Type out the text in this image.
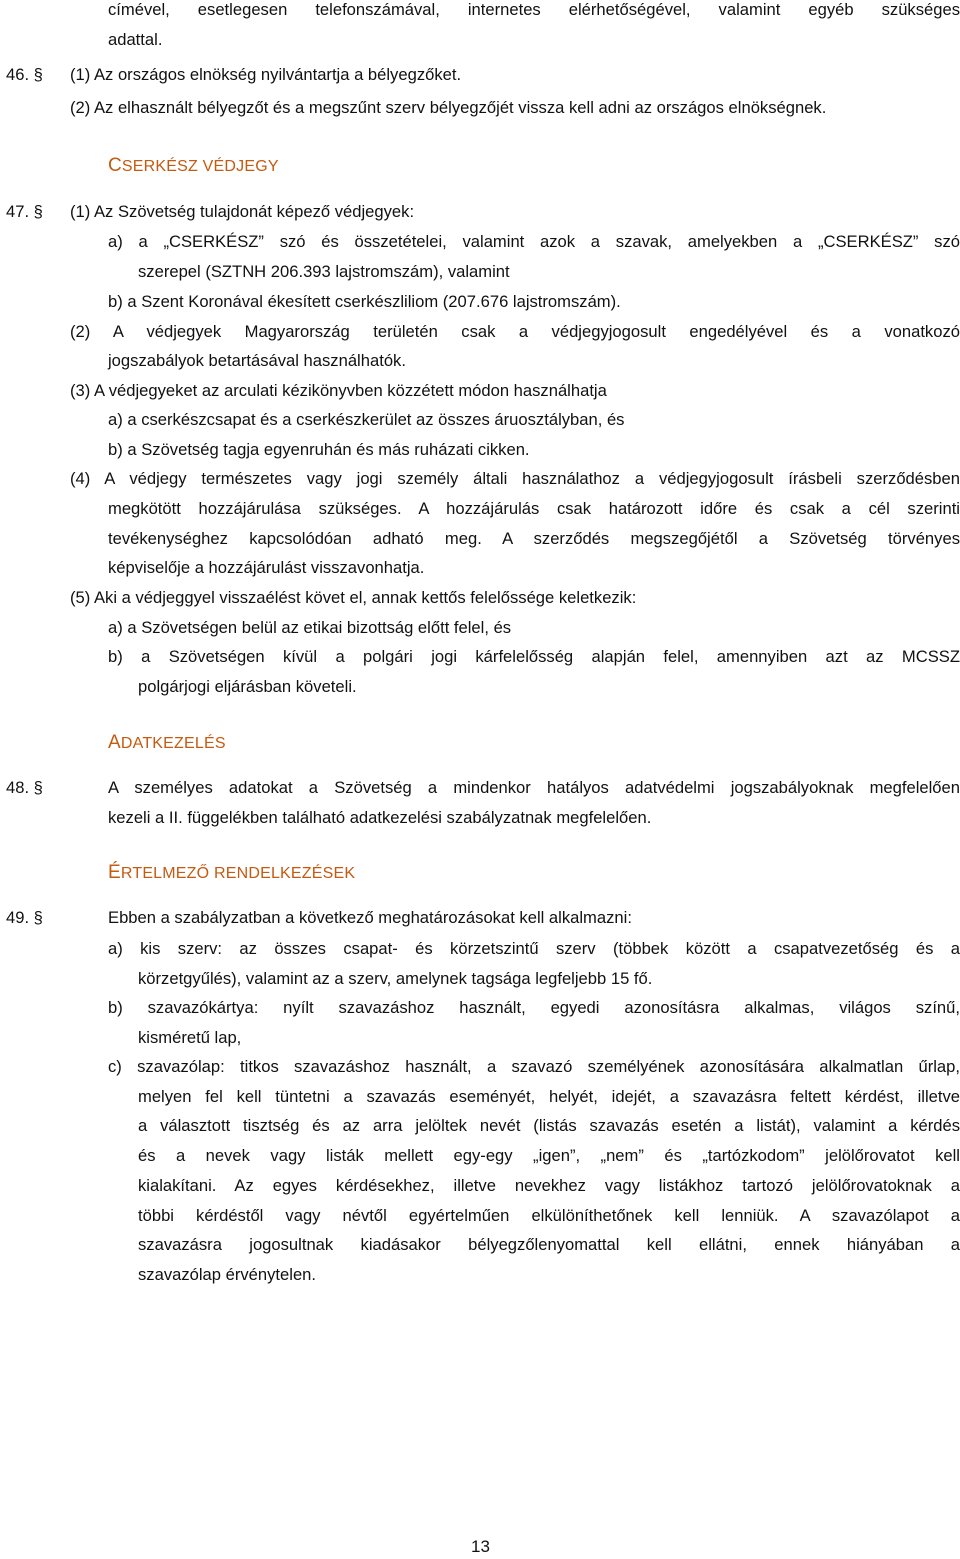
címével, esetlegesen telefonszámával, internetes elérhetőségével, valamint egyéb szükséges
adattal.
46. § (1) Az országos elnökség nyilvántartja a bélyegzőket.
(2) Az elhasznált bélyegzőt és a megszűnt szerv bélyegzőjét vissza kell adni az országos elnökségnek.
CSERKÉSZ VÉDJEGY
47. § (1) Az Szövetség tulajdonát képező védjegyek:
a) a „CSERKÉSZ” szó és összetételei, valamint azok a szavak, amelyekben a „CSERKÉSZ” szó
szerepel (SZTNH 206.393 lajstromszám), valamint
b) a Szent Koronával ékesített cserkészliliom (207.676 lajstromszám).
(2) A védjegyek Magyarország területén csak a védjegyjogosult engedélyével és a vonatkozó
jogszabályok betartásával használhatók.
(3) A védjegyeket az arculati kézikönyvben közzétett módon használhatja
a) a cserkészcsapat és a cserkészkerület az összes áruosztályban, és
b) a Szövetség tagja egyenruhán és más ruházati cikken.
(4) A védjegy természetes vagy jogi személy általi használathoz a védjegyjogosult írásbeli szerződésben
megkötött hozzájárulása szükséges. A hozzájárulás csak határozott időre és csak a cél szerinti
tevékenységhez kapcsolódóan adható meg. A szerződés megszegőjétől a Szövetség törvényes
képviselője a hozzájárulást visszavonhatja.
(5) Aki a védjeggyel visszaélést követ el, annak kettős felelőssége keletkezik:
a) a Szövetségen belül az etikai bizottság előtt felel, és
b) a Szövetségen kívül a polgári jogi kárfelelősség alapján felel, amennyiben azt az MCSSZ
polgárjogi eljárásban követeli.
ADATKEZELÉS
48. §	A személyes adatokat a Szövetség a mindenkor hatályos adatvédelmi jogszabályoknak megfelelően
kezeli a II. függelékben található adatkezelési szabályzatnak megfelelően.
ÉRTELMEZŐ RENDELKEZÉSEK
49. §	Ebben a szabályzatban a következő meghatározásokat kell alkalmazni:
a) kis szerv: az összes csapat- és körzetszintű szerv (többek között a csapatvezetőség és a
körzetgyűlés), valamint az a szerv, amelynek tagsága legfeljebb 15 fő.
b) szavazókártya: nyílt szavazáshoz használt, egyedi azonosításra alkalmas, világos színű,
kisméretű lap,
c) szavazólap: titkos szavazáshoz használt, a szavazó személyének azonosítására alkalmatlan űrlap,
melyen fel kell tüntetni a szavazás eseményét, helyét, idejét, a szavazásra feltett kérdést, illetve
a választott tisztség és az arra jelöltek nevét (listás szavazás esetén a listát), valamint a kérdés
és a nevek vagy listák mellett egy-egy „igen”, „nem” és „tartózkodom” jelölőrovatot kell
kialakítani. Az egyes kérdésekhez, illetve nevekhez vagy listákhoz tartozó jelölőrovatoknak a
többi kérdéstől vagy névtől egyértelműen elkülöníthetőnek kell lenniük. A szavazólapot a
szavazásra jogosultnak kiadásakor bélyegzőlenyomattal kell ellátni, ennek hiányában a
szavazólap érvénytelen.
13
